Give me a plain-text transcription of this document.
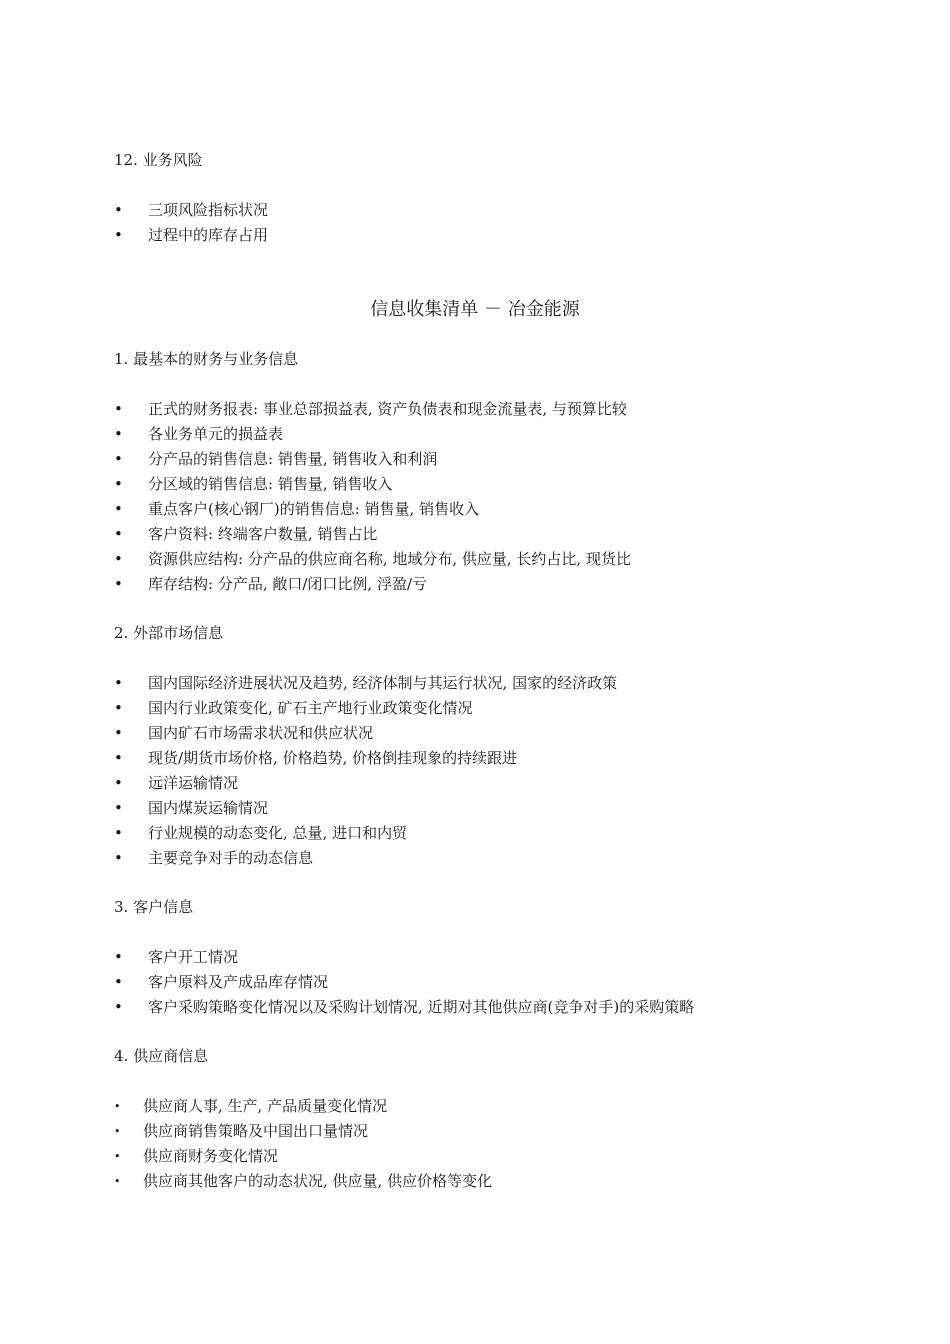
12. 业务风险
•	三项风险指标状况
•	过程中的库存占用
信息收集清单 － 冶金能源
1. 最基本的财务与业务信息
•	正式的财务报表: 事业总部损益表, 资产负债表和现金流量表, 与预算比较
•	各业务单元的损益表
•	分产品的销售信息: 销售量, 销售收入和利润
•	分区域的销售信息: 销售量, 销售收入
•	重点客户(核心钢厂)的销售信息: 销售量, 销售收入
•	客户资料: 终端客户数量, 销售占比
•	资源供应结构: 分产品的供应商名称, 地域分布, 供应量, 长约占比, 现货比
•	库存结构: 分产品, 敞口/闭口比例, 浮盈/亏
2. 外部市场信息
•	国内国际经济进展状况及趋势, 经济体制与其运行状况, 国家的经济政策
•	国内行业政策变化, 矿石主产地行业政策变化情况
•	国内矿石市场需求状况和供应状况
•	现货/期货市场价格, 价格趋势, 价格倒挂现象的持续跟进
•	远洋运输情况
•	国内煤炭运输情况
•	行业规模的动态变化, 总量, 进口和内贸
•	主要竞争对手的动态信息
3. 客户信息
•	客户开工情况
•	客户原料及产成品库存情况
•	客户采购策略变化情况以及采购计划情况, 近期对其他供应商(竞争对手)的采购策略
4. 供应商信息
•	供应商人事, 生产, 产品质量变化情况
•	供应商销售策略及中国出口量情况
•	供应商财务变化情况
•	供应商其他客户的动态状况, 供应量, 供应价格等变化
